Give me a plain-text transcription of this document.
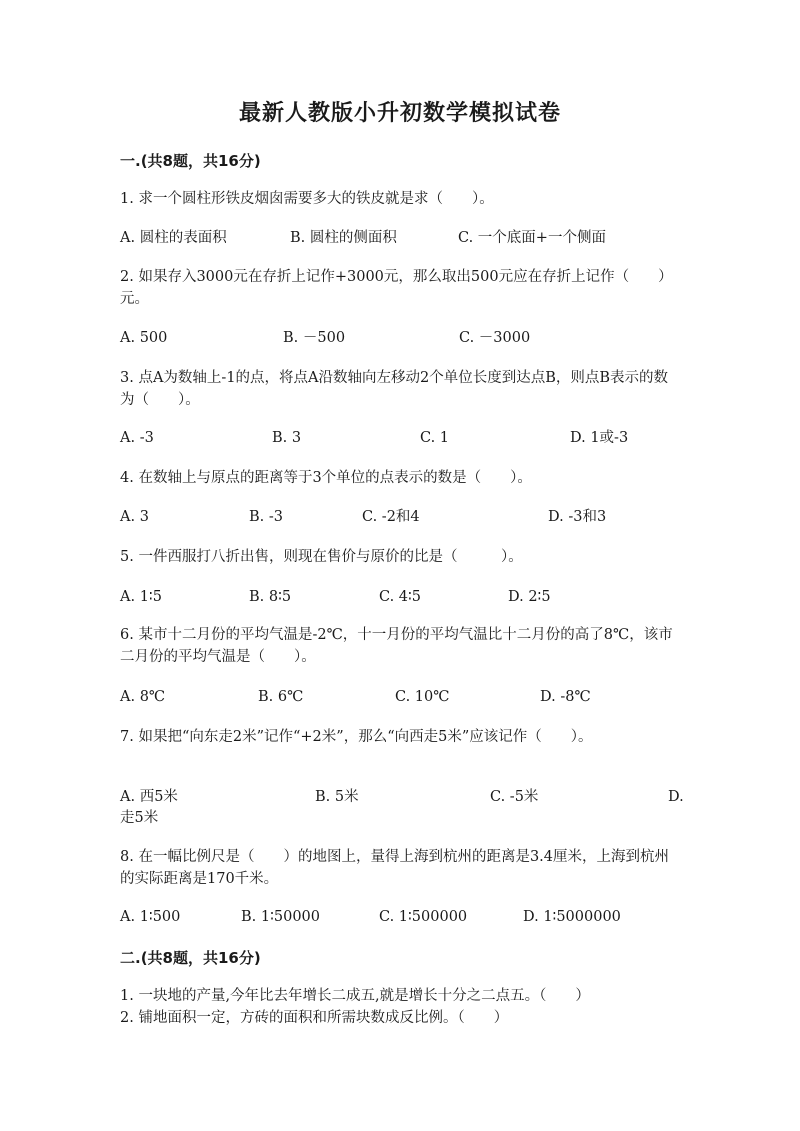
最新人教版小升初数学模拟试卷
一.(共8题，共16分)
1. 求一个圆柱形铁皮烟囱需要多大的铁皮就是求（　　）。
A. 圆柱的表面积	B. 圆柱的侧面积	C. 一个底面+一个侧面
2. 如果存入3000元在存折上记作+3000元，那么取出500元应在存折上记作（　　）元。
A. 500	B. －500	C. －3000
3. 点A为数轴上-1的点，将点A沿数轴向左移动2个单位长度到达点B，则点B表示的数为（　　）。
A. -3	B. 3	C. 1	D. 1或-3
4. 在数轴上与原点的距离等于3个单位的点表示的数是（　　）。
A. 3	B. -3	C. -2和4	D. -3和3
5. 一件西服打八折出售，则现在售价与原价的比是（　　　）。
A. 1∶5	B. 8∶5	C. 4∶5	D. 2∶5
6. 某市十二月份的平均气温是-2℃，十一月份的平均气温比十二月份的高了8℃，该市二月份的平均气温是（　　）。
A. 8℃	B. 6℃	C. 10℃	D. -8℃
7. 如果把“向东走2米”记作“+2米”，那么“向西走5米”应该记作（　　）。
A. 西5米	B. 5米	C. -5米	D.
走5米
8. 在一幅比例尺是（　　）的地图上，量得上海到杭州的距离是3.4厘米，上海到杭州的实际距离是170千米。
A. 1∶500	B. 1∶50000	C. 1∶500000	D. 1∶5000000
二.(共8题，共16分)
1. 一块地的产量,今年比去年增长二成五,就是增长十分之二点五。（　　）
2. 铺地面积一定，方砖的面积和所需块数成反比例。（　　）
